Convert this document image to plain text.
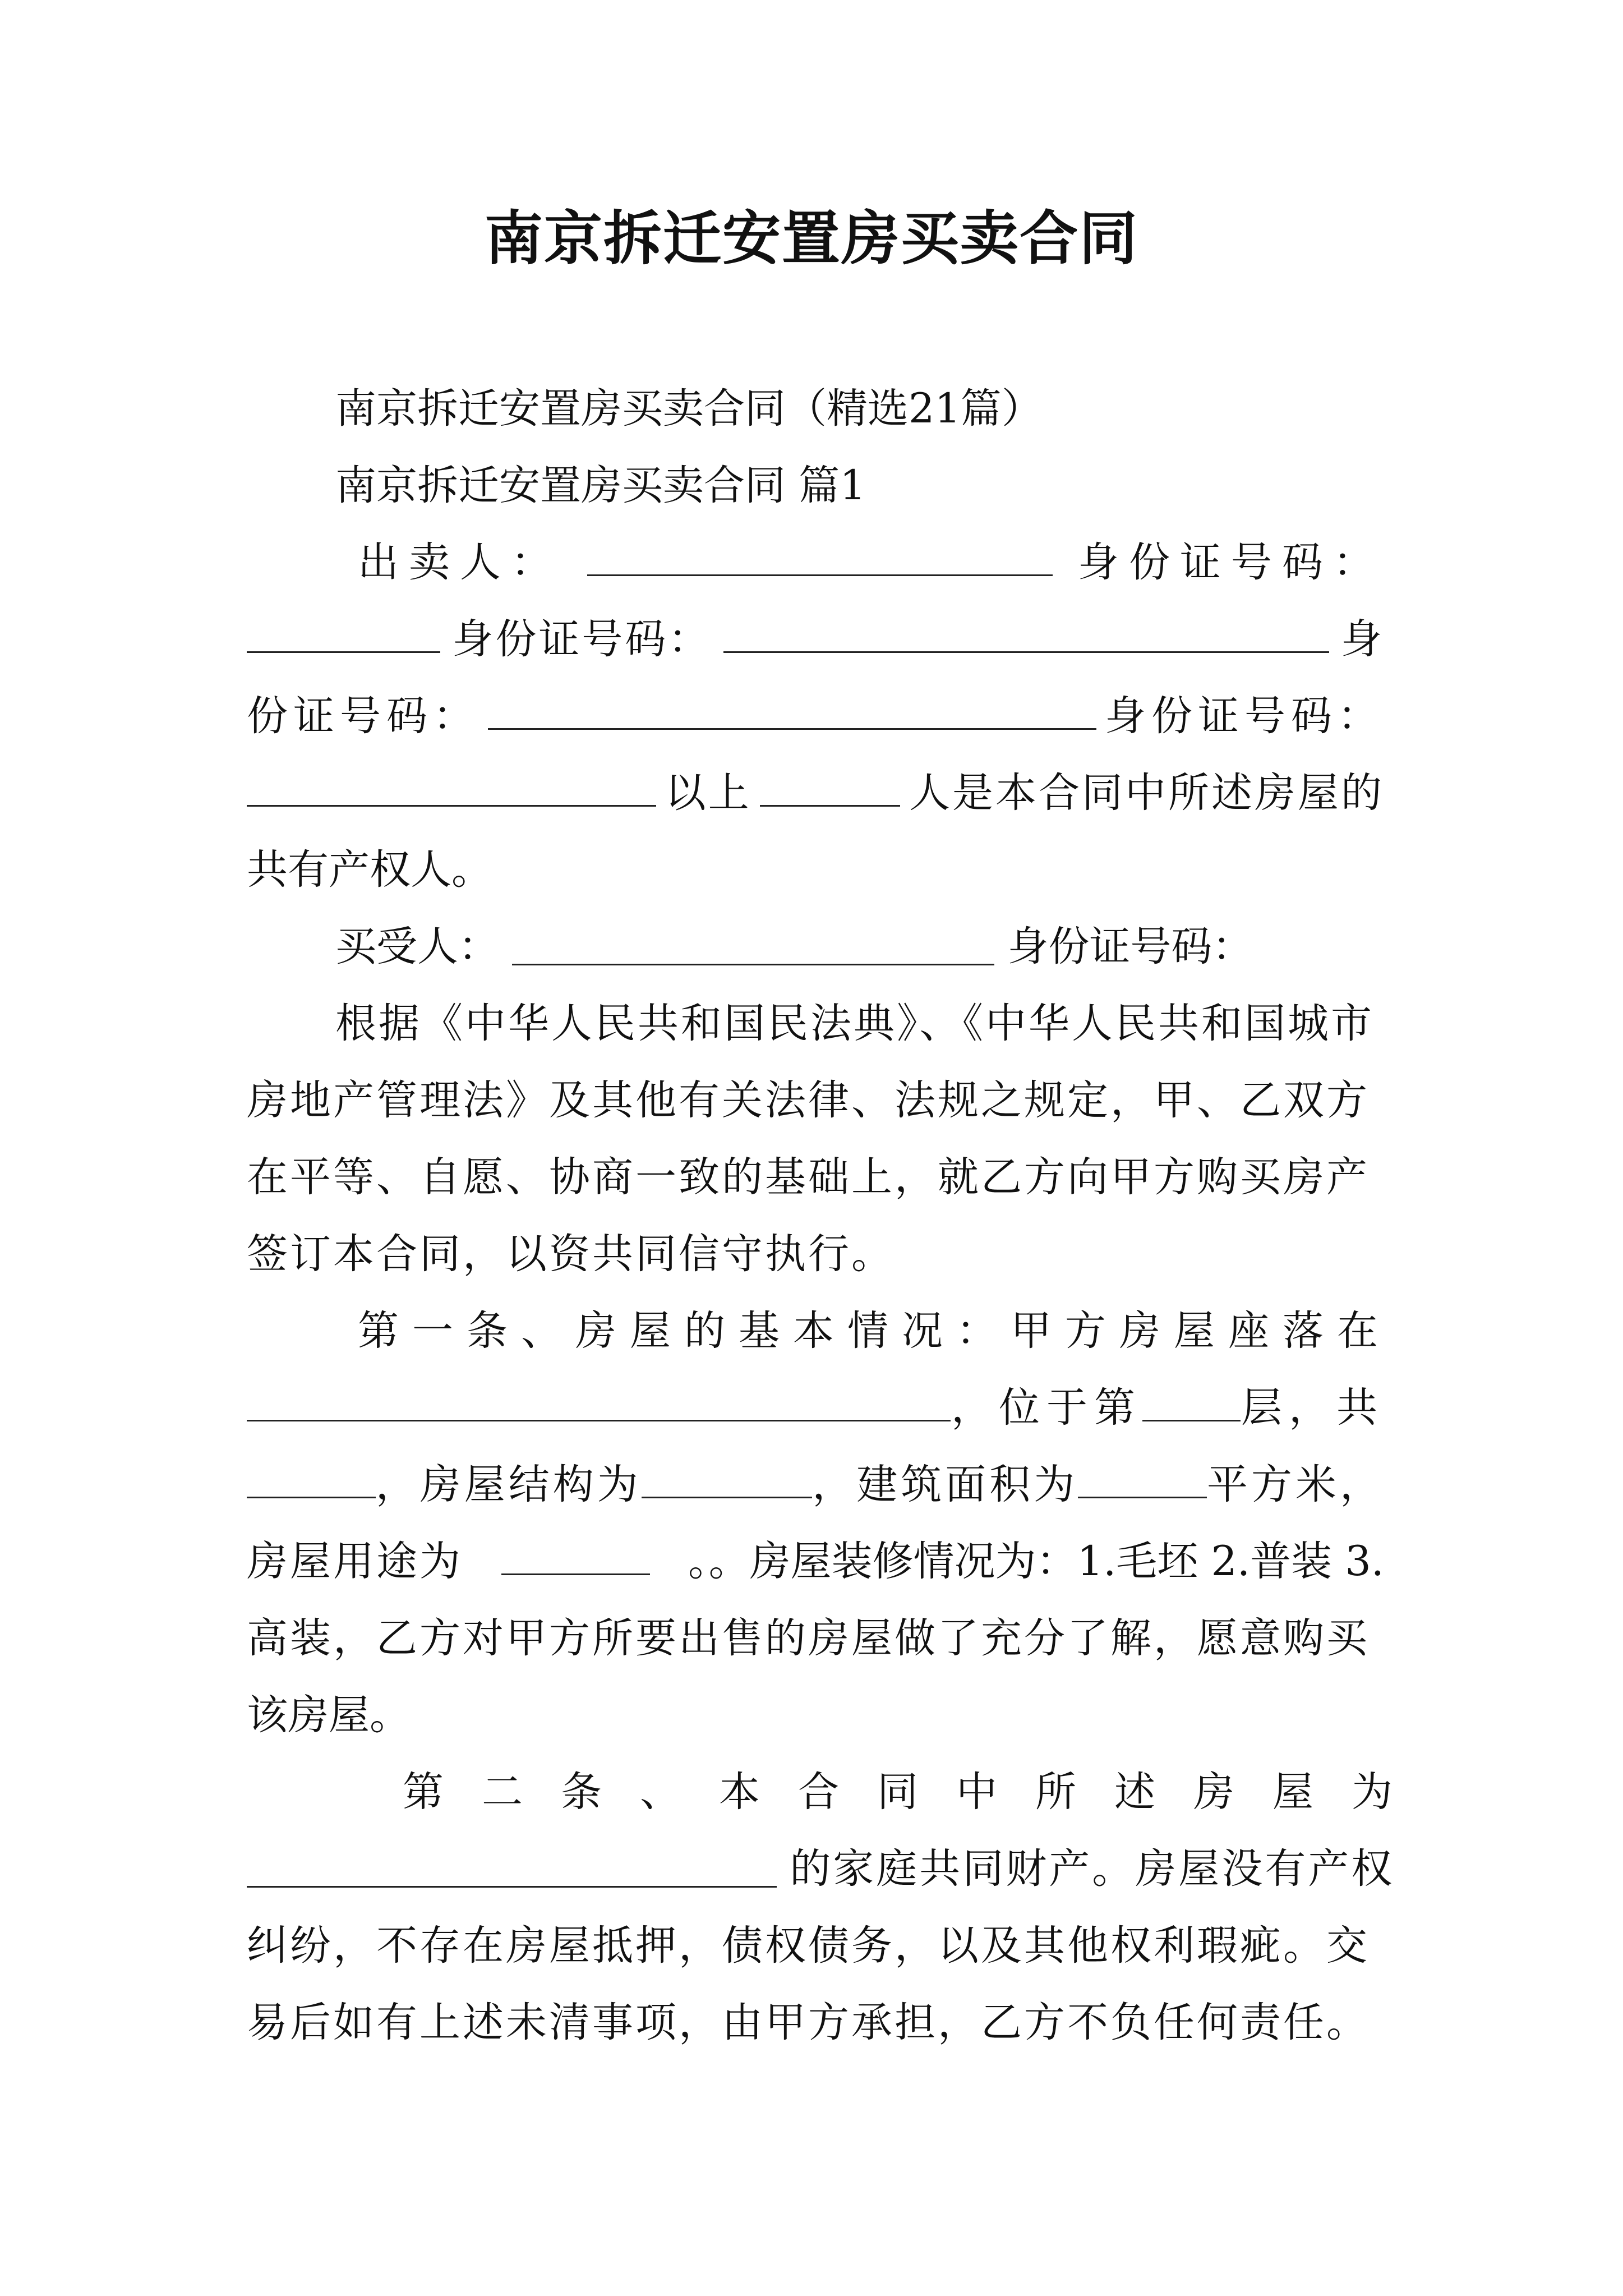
南京拆迁安置房买卖合同
南京拆迁安置房买卖合同（精选21篇）
南京拆迁安置房买卖合同 篇1
出卖人：	身份证号码：
身份证号码：	身
份证号码：	身份证号码：
以上	人是本合同中所述房屋的
共有产权人。
买受人：	身份证号码：
根据《中华人民共和国民法典》、《中华人民共和国城市
房地产管理法》及其他有关法律、法规之规定，甲、乙双方
在平等、自愿、协商一致的基础上，就乙方向甲方购买房产
签订本合同，以资共同信守执行。
第一条、房屋的基本情况：甲方房屋座落在
，位于第 层，共
，房屋结构为	，建筑面积为	平方米，
房屋用途为	。。房屋装修情况为：1.毛坯 2.普装 3.
高装，乙方对甲方所要出售的房屋做了充分了解，愿意购买
该房屋。
第二条、本合同中所述房屋为
的家庭共同财产。房屋没有产权
纠纷，不存在房屋抵押，债权债务，以及其他权利瑕疵。交
易后如有上述未清事项，由甲方承担，乙方不负任何责任。
